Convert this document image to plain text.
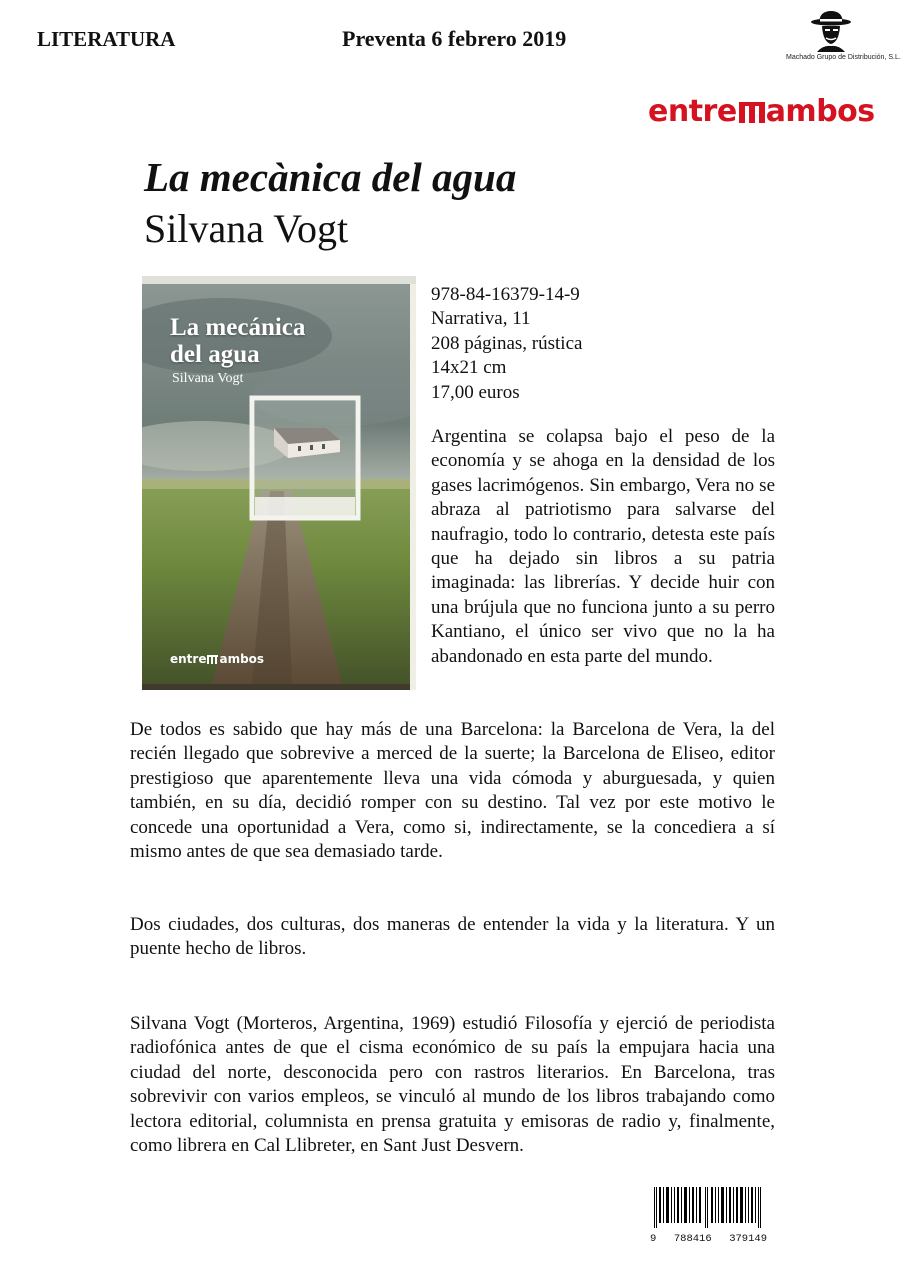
LITERATURA	Preventa 6 febrero 2019
Machado Grupo de Distribución, S.L.
entre ambos
La mecànica del agua
Silvana Vogt
La mecánica
del agua
Silvana Vogt
entre ambos
978-84-16379-14-9
Narrativa, 11
208 páginas, rústica
14x21 cm
17,00 euros
Argentina se colapsa bajo el peso de la economía y se ahoga en la densidad de los gases lacrimógenos. Sin embargo, Vera no se abraza al patriotismo para salvarse del naufragio, todo lo contrario, detesta este país que ha dejado sin libros a su patria imaginada: las librerías. Y decide huir con una brújula que no funciona junto a su perro Kantiano, el único ser vivo que no la ha abandonado en esta parte del mundo.
De todos es sabido que hay más de una Barcelona: la Barcelona de Vera, la del recién llegado que sobrevive a merced de la suerte; la Barcelona de Eliseo, editor prestigioso que aparentemente lleva una vida cómoda y aburguesada, y quien también, en su día, decidió romper con su destino. Tal vez por este motivo le concede una oportunidad a Vera, como si, indirectamente, se la concediera a sí mismo antes de que sea demasiado tarde.
Dos ciudades, dos culturas, dos maneras de entender la vida y la literatura. Y un puente hecho de libros.
Silvana Vogt (Morteros, Argentina, 1969) estudió Filosofía y ejerció de periodista radiofónica antes de que el cisma económico de su país la empujara hacia una ciudad del norte, desconocida pero con rastros literarios. En Barcelona, tras sobrevivir con varios empleos, se vinculó al mundo de los libros trabajando como lectora editorial, columnista en prensa gratuita y emisoras de radio y, finalmente, como librera en Cal Llibreter, en Sant Just Desvern.
9 788416 379149
